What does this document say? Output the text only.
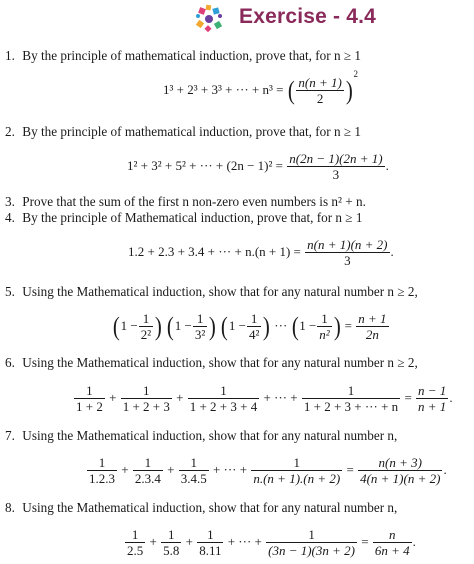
Exercise - 4.4
1. By the principle of mathematical induction, prove that, for n ≥ 1
1³ + 2³ + 3³ + ··· + n³ = ( $\frac{n(n + 1)}{2} )^2$
2. By the principle of mathematical induction, prove that, for n ≥ 1
1² + 3² + 5² + ··· + $(2n - 1)^2 = \frac{n(2n - 1)(2n + 1)}{3}$ .
3. Prove that the sum of the first n non-zero even numbers is n² + n.
4. By the principle of Mathematical induction, prove that, for n ≥ 1
1.2 + 2.3 + 3.4 + ··· + $n.(n + 1) = \frac{n(n + 1)(n + 2)}{3}$ .
5. Using the Mathematical induction, show that for any natural number n ≥ 2,
($1 - \frac{1}{\text{2²}}$ ) ($1 - \frac{1}{\text{3²}}$ ) ($1 - \frac{1}{\text{4²}}$ ) ··· ($1 - \frac{1}{\text{n²}}$ ) = $\frac{n + 1}{2n}$
6. Using the Mathematical induction, show that for any natural number n ≥ 2,
$\frac{1}{1 + 2} + \frac{1}{1 + 2 + 3} + \frac{1}{1 + 2 + 3 + 4}$ + ··· + $\frac{1}{1 + 2 + 3 + \cdot\cdot\cdot + n} = \frac{n - 1}{n + 1}$ .
7. Using the Mathematical induction, show that for any natural number n,
$\frac{1}{1.2.3} + \frac{1}{2.3.4} + \frac{1}{3.4.5}$ + ··· + $\frac{1}{n.(n + 1).(n + 2)} = \frac{n(n + 3)}{4(n + 1)(n + 2)}$ .
8. Using the Mathematical induction, show that for any natural number n,
$\frac{1}{2.5} + \frac{1}{5.8} + \frac{1}{8.11}$ + ··· + $\frac{1}{(3n - 1)(3n + 2)} = \frac{n}{6n + 4}$ .
